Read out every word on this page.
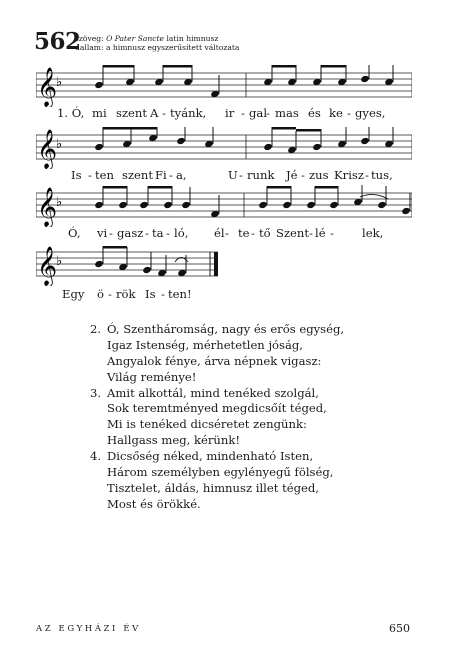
562
szöveg: O Pater Sancte latin himnusz
dallam: a himnusz egyszerűsített változata
𝄞
♭
1. Ó, mi szent A - tyánk, ir - gal
- mas és ke - gyes,
𝄞
♭
Is - ten szent Fi - a,	U - runk Jé - zus Krisz - tus,
𝄞
♭
Ó, vi - gasz - ta - ló, él - te - tő Szent - lé - lek,
𝄞
♭
Egy ö - rök Is - ten!
2. Ó, Szentháromság, nagy és erős egység,
Igaz Istenség, mérhetetlen jóság,
Angyalok fénye, árva népnek vigasz:
Világ reménye!
3. Amit alkottál, mind tenéked szolgál,
Sok teremtményed megdicsőít téged,
Mi is tenéked dicséretet zengünk:
Hallgass meg, kérünk!
4. Dicsőség néked, mindenható Isten,
Három személyben egylényegű fölség,
Tisztelet, áldás, himnusz illet téged,
Most és örökké.
AZ EGYHÁZI ÉV	650
